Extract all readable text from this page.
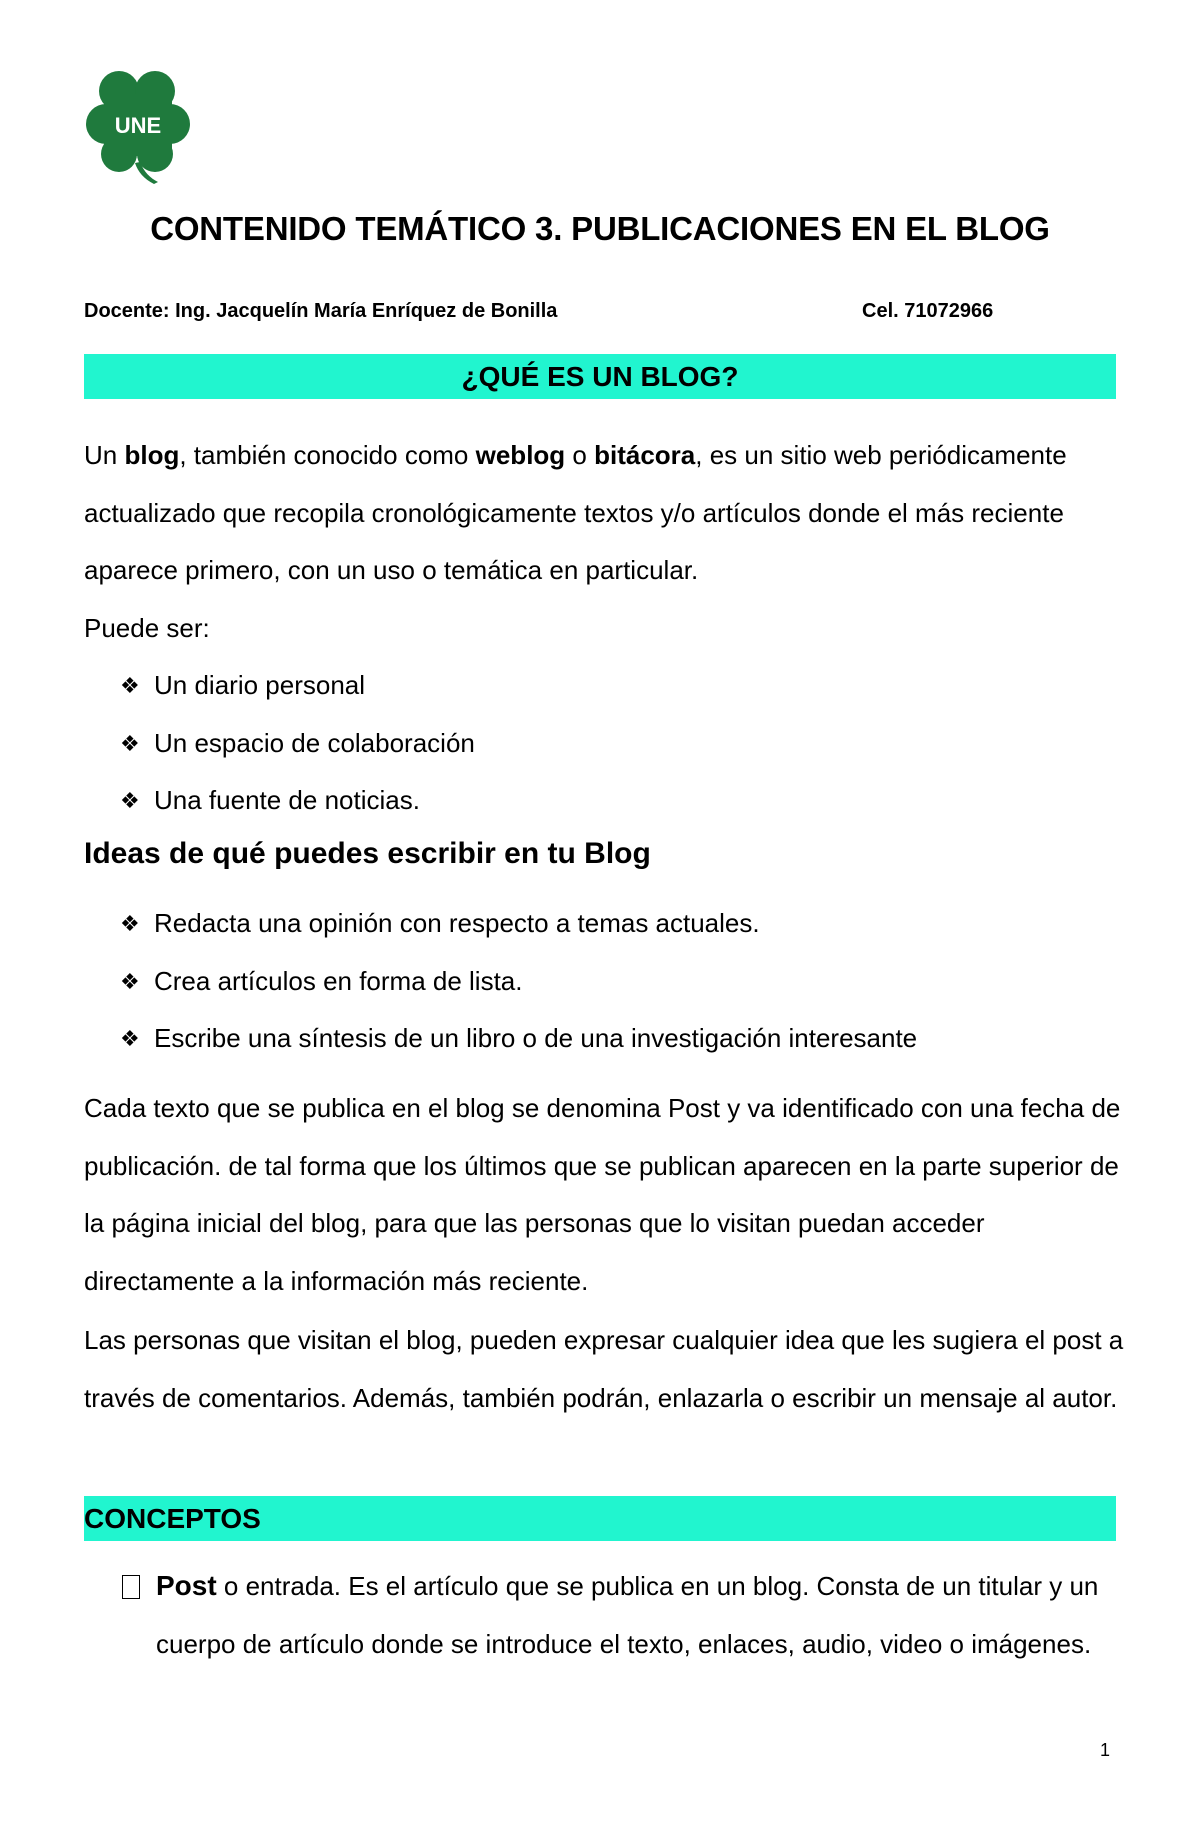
UNE
CONTENIDO TEMÁTICO 3. PUBLICACIONES EN EL BLOG
Docente: Ing. Jacquelín María Enríquez de Bonilla	Cel. 71072966
¿QUÉ ES UN BLOG?

Un blog, también conocido como weblog o bitácora, es un sitio web periódicamente actualizado que recopila cronológicamente textos y/o artículos donde el más reciente aparece primero, con un uso o temática en particular.
Puede ser:

❖ Un diario personal
❖ Un espacio de colaboración
❖ Una fuente de noticias.
Ideas de qué puedes escribir en tu Blog
❖ Redacta una opinión con respecto a temas actuales.
❖ Crea artículos en forma de lista.
❖ Escribe una síntesis de un libro o de una investigación interesante

Cada texto que se publica en el blog se denomina Post y va identificado con una fecha de publicación. de tal forma que los últimos que se publican aparecen en la parte superior de la página inicial del blog, para que las personas que lo visitan puedan acceder directamente a la información más reciente.

Las personas que visitan el blog, pueden expresar cualquier idea que les sugiera el post a través de comentarios. Además, también podrán, enlazarla o escribir un mensaje al autor.

CONCEPTOS
Post o entrada. Es el artículo que se publica en un blog. Consta de un titular y un cuerpo de artículo donde se introduce el texto, enlaces, audio, video o imágenes.
1
